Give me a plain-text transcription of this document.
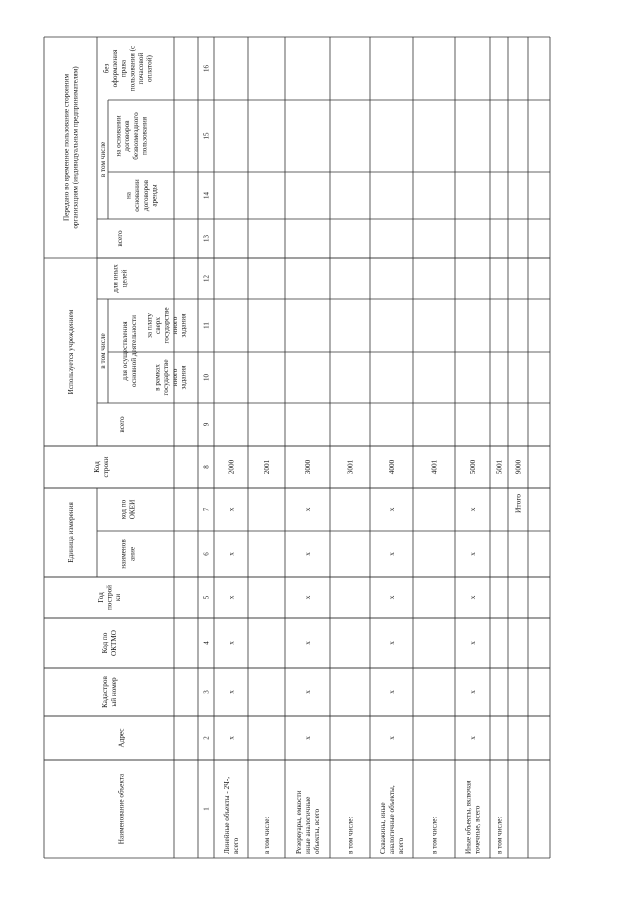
Наименование объекта
Адрес
Кадастров ый номер
Код по ОКТМО
Год построй ки
Единица измерения	наименов ание
код по ОКЕИ
Код строки
Используется учреждением
всего
в том числе для осуществления основной деятельности в рамках государстве нного задания
за плату сверх государстве нного задания
для иных целей
Передано во временное пользование сторонним организациям (индивидуальным предпринимателям)
всего
в том числе
на основании договоров аренды
на основании договоров безвозмездного пользования
без оформления права пользования (с почасовой оплатой)
1
2
3
4
5
6
7
8
9
10
11
12
13
14
15
16
Линейные объекты - 2Ч-, всего
х
х
х
х
х
х
2000
в том числе:
2001
Резервуары, емкости иные аналогичные объекты, всего
х
х
х
х
х
х
3000
в том числе:
3001
Скважины, иные аналогичные объекты, всего
х
х
х
х
х
х
4000
в том числе:
4001
Иные объекты, включая точечные, всего
х
х
х
х
х
х
5000
в том числе:
5001
Итого
9000
